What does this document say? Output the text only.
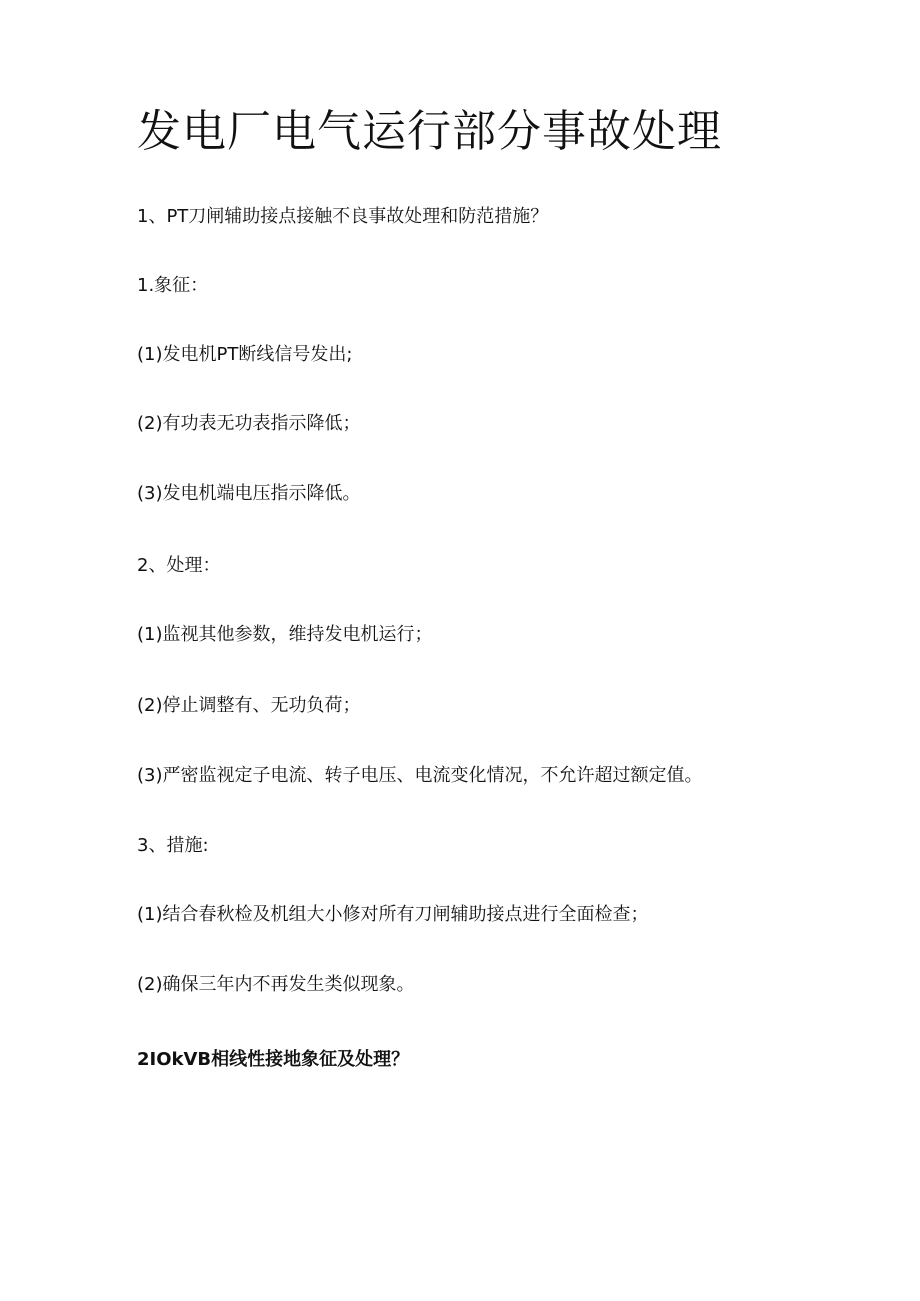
发电厂电气运行部分事故处理

1、PT刀闸辅助接点接触不良事故处理和防范措施？

1.象征：

(1)发电机PT断线信号发出;

(2)有功表无功表指示降低；

(3)发电机端电压指示降低。

2、处理：

(1)监视其他参数，维持发电机运行；

(2)停止调整有、无功负荷；

(3)严密监视定子电流、转子电压、电流变化情况，不允许超过额定值。

3、措施:

(1)结合春秋检及机组大小修对所有刀闸辅助接点进行全面检查；

(2)确保三年内不再发生类似现象。

2IOkVB相线性接地象征及处理？
